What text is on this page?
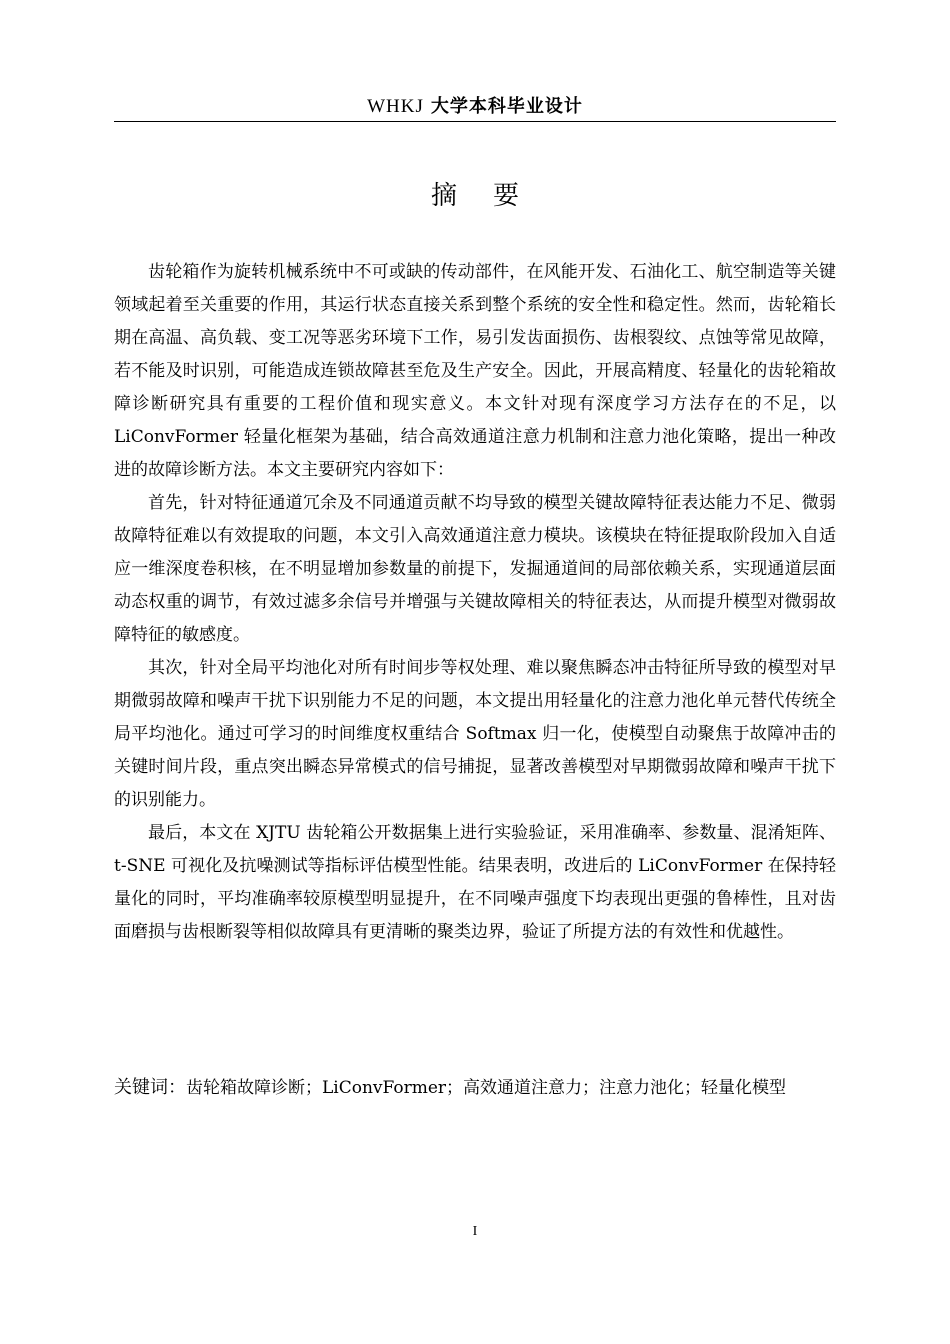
WHKJ 大学本科毕业设计
摘要

齿轮箱作为旋转机械系统中不可或缺的传动部件，在风能开发、石油化工、航空制造等关键领域起着至关重要的作用，其运行状态直接关系到整个系统的安全性和稳定性。然而，齿轮箱长期在高温、高负载、变工况等恶劣环境下工作，易引发齿面损伤、齿根裂纹、点蚀等常见故障，若不能及时识别，可能造成连锁故障甚至危及生产安全。因此，开展高精度、轻量化的齿轮箱故障诊断研究具有重要的工程价值和现实意义。本文针对现有深度学习方法存在的不足，以 LiConvFormer 轻量化框架为基础，结合高效通道注意力机制和注意力池化策略，提出一种改进的故障诊断方法。本文主要研究内容如下：

首先，针对特征通道冗余及不同通道贡献不均导致的模型关键故障特征表达能力不足、微弱故障特征难以有效提取的问题，本文引入高效通道注意力模块。该模块在特征提取阶段加入自适应一维深度卷积核，在不明显增加参数量的前提下，发掘通道间的局部依赖关系，实现通道层面动态权重的调节，有效过滤多余信号并增强与关键故障相关的特征表达，从而提升模型对微弱故障特征的敏感度。

其次，针对全局平均池化对所有时间步等权处理、难以聚焦瞬态冲击特征所导致的模型对早期微弱故障和噪声干扰下识别能力不足的问题，本文提出用轻量化的注意力池化单元替代传统全局平均池化。通过可学习的时间维度权重结合 Softmax 归一化，使模型自动聚焦于故障冲击的关键时间片段，重点突出瞬态异常模式的信号捕捉，显著改善模型对早期微弱故障和噪声干扰下的识别能力。

最后，本文在 XJTU 齿轮箱公开数据集上进行实验验证，采用准确率、参数量、混淆矩阵、t-SNE 可视化及抗噪测试等指标评估模型性能。结果表明，改进后的 LiConvFormer 在保持轻量化的同时，平均准确率较原模型明显提升，在不同噪声强度下均表现出更强的鲁棒性，且对齿面磨损与齿根断裂等相似故障具有更清晰的聚类边界，验证了所提方法的有效性和优越性。

关键词：齿轮箱故障诊断；LiConvFormer；高效通道注意力；注意力池化；轻量化模型
I
